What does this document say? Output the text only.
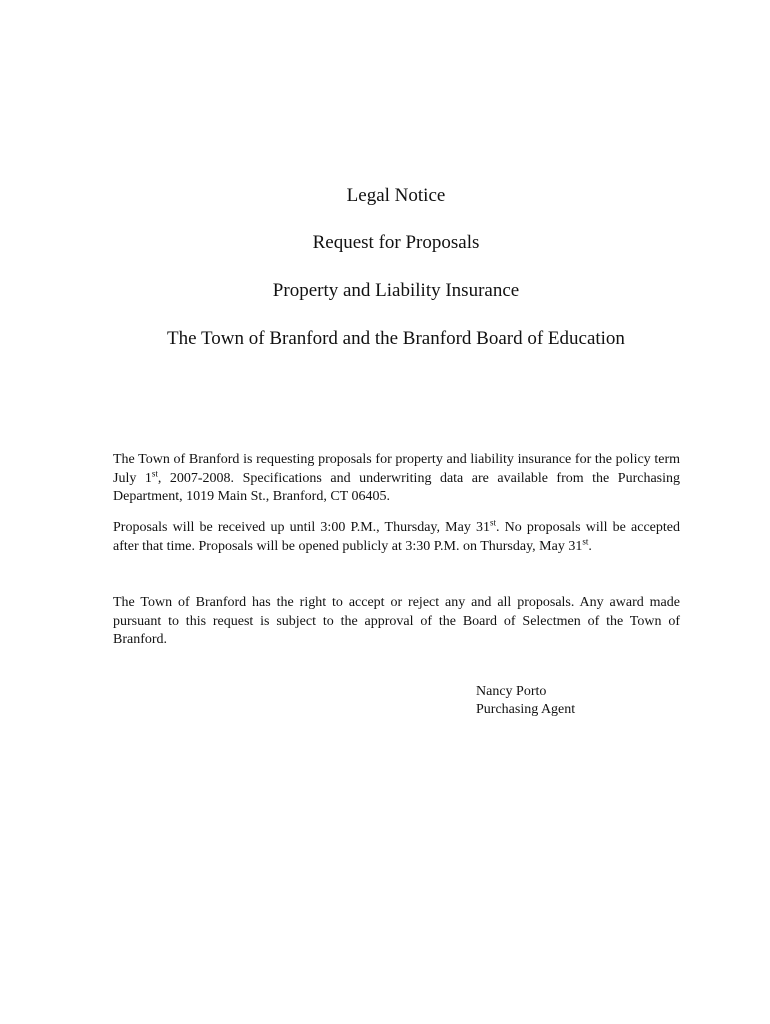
Legal Notice
Request for Proposals
Property and Liability Insurance
The Town of Branford and the Branford Board of Education

The Town of Branford is requesting proposals for property and liability insurance for the policy term July 1st, 2007-2008. Specifications and underwriting data are available from the Purchasing Department, 1019 Main St., Branford, CT 06405.

Proposals will be received up until 3:00 P.M., Thursday, May 31st. No proposals will be accepted after that time. Proposals will be opened publicly at 3:30 P.M. on Thursday, May 31st.

The Town of Branford has the right to accept or reject any and all proposals. Any award made pursuant to this request is subject to the approval of the Board of Selectmen of the Town of Branford.

Nancy Porto
Purchasing Agent
